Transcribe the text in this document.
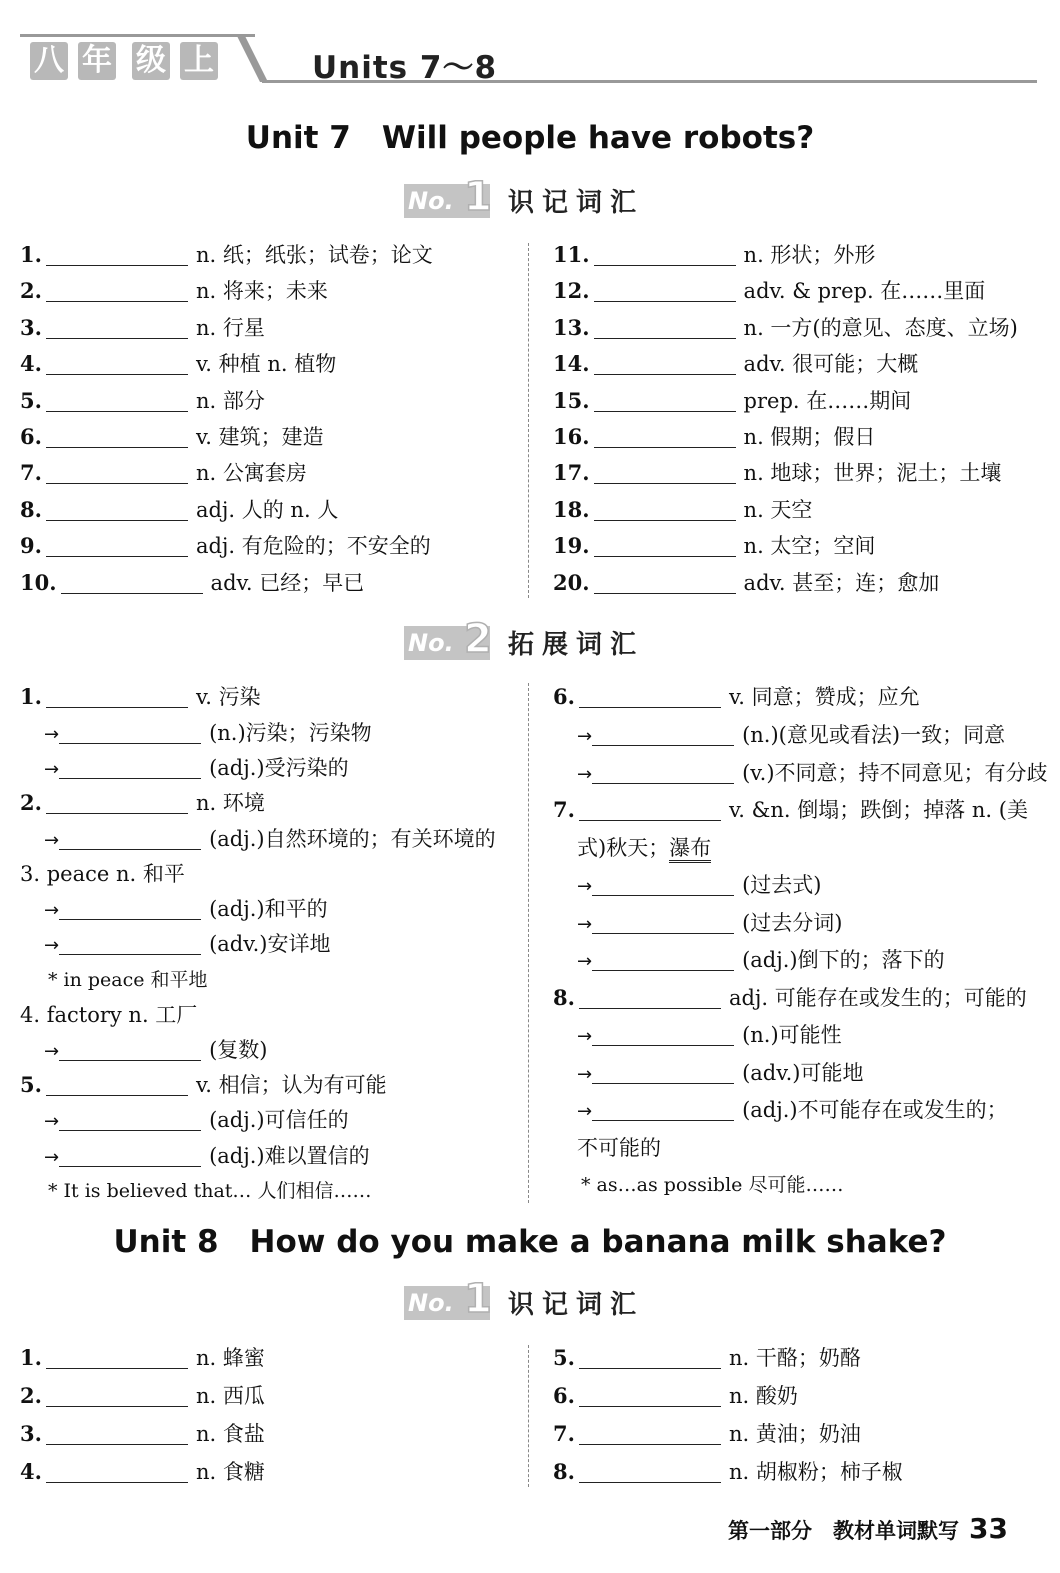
八 年 级 上	Units 7～8
Unit 7　Will people have robots?
No. 1 识记词汇
1.	n. 纸；纸张；试卷；论文
2.	n. 将来；未来
3.	n. 行星
4.	v. 种植 n. 植物
5.	n. 部分
6.	v. 建筑；建造
7.	n. 公寓套房
8.	adj. 人的 n. 人
9.	adj. 有危险的；不安全的
10.	adv. 已经；早已
11.	n. 形状；外形
12.	adv. & prep. 在……里面
13.	n. 一方(的意见、态度、立场)
14.	adv. 很可能；大概
15.	prep. 在……期间
16.	n. 假期；假日
17.	n. 地球；世界；泥土；土壤
18.	n. 天空
19.	n. 太空；空间
20.	adv. 甚至；连；愈加
No. 2 拓展词汇
1.	v. 污染
→	(n.)污染；污染物
→	(adj.)受污染的
2.	n. 环境
→	(adj.)自然环境的；有关环境的
3. peace n. 和平
→	(adj.)和平的
→	(adv.)安详地
* in peace 和平地
4. factory n. 工厂
→	(复数)
5.	v. 相信；认为有可能
→	(adj.)可信任的
→	(adj.)难以置信的
* It is believed that… 人们相信……
6.	v. 同意；赞成；应允
→	(n.)(意见或看法)一致；同意
→	(v.)不同意；持不同意见；有分歧
7.	v. &n. 倒塌；跌倒；掉落 n. (美
式)秋天；瀑布
→	(过去式)
→	(过去分词)
→	(adj.)倒下的；落下的
8.	adj. 可能存在或发生的；可能的
→	(n.)可能性
→	(adv.)可能地
→	(adj.)不可能存在或发生的；
不可能的
* as…as possible 尽可能……
Unit 8　How do you make a banana milk shake?
No. 1 识记词汇
1.	n. 蜂蜜
2.	n. 西瓜
3.	n. 食盐
4.	n. 食糖
5.	n. 干酪；奶酪
6.	n. 酸奶
7.	n. 黄油；奶油
8.	n. 胡椒粉；柿子椒
第一部分　教材单词默写 33
